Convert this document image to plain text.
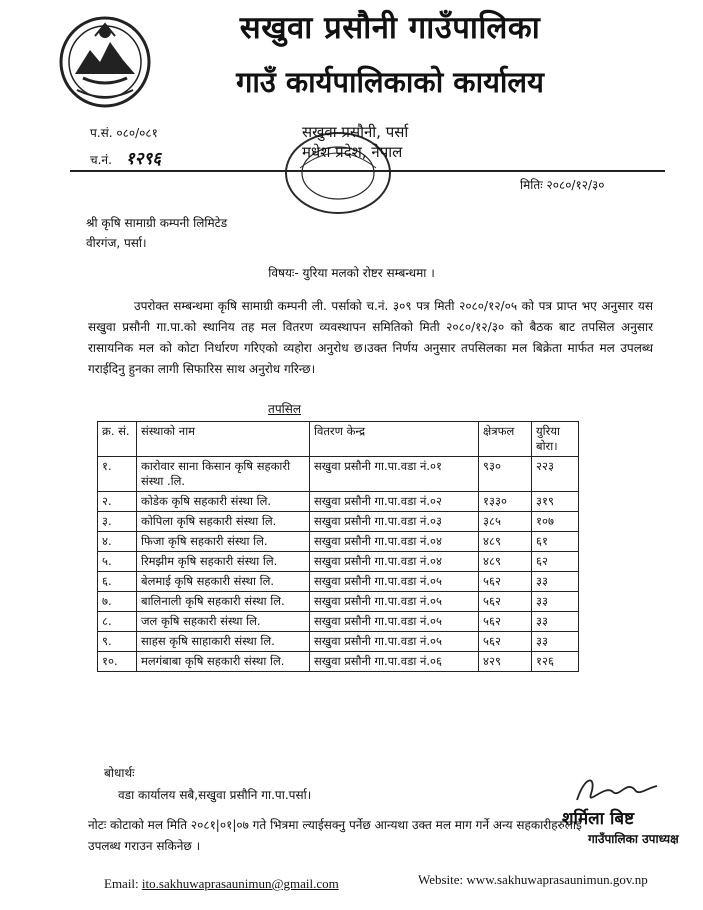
सखुवा प्रसौनी गाउँपालिका
गाउँ कार्यपालिकाको कार्यालय
प.सं. ०८०/०८१
च.नं. १२९६
सखुवा प्रसौनी, पर्सा
मधेश प्रदेश, नेपाल
मितिः २०८०/१२/३०
श्री कृषि सामाग्री कम्पनी लिमिटेड
वीरगंज, पर्सा।
विषयः- युरिया मलको रोष्टर सम्बन्धमा ।
उपरोक्त सम्बन्धमा कृषि सामाग्री कम्पनी ली. पर्साको च.नं. ३०९ पत्र मिती २०८०/१२/०५ को पत्र प्राप्त भए अनुसार यस सखुवा प्रसौनी गा.पा.को स्थानिय तह मल वितरण व्यवस्थापन समितिको मिती २०८०/१२/३० को बैठक बाट तपसिल अनुसार रासायनिक मल को कोटा निर्धारण गरिएको व्यहोरा अनुरोध छ।उक्त निर्णय अनुसार तपसिलका मल बिक्रेता मार्फत मल उपलब्ध गराईदिनु हुनका लागी सिफारिस साथ अनुरोध गरिन्छ।
तपसिल
क्र. सं.	संस्थाको नाम	वितरण केन्द्र	क्षेत्रफल	युरिया बोरा।
१.	कारोवार साना किसान कृषि सहकारी संस्था .लि.	सखुवा प्रसौनी गा.पा.वडा नं.०१	९३०	२२३
२.	कोडेक कृषि सहकारी संस्था लि.	सखुवा प्रसौनी गा.पा.वडा नं.०२	१३३०	३१९
३.	कोपिला कृषि सहकारी संस्था लि.	सखुवा प्रसौनी गा.पा.वडा नं.०३	३८५	१०७
४.	फिजा कृषि सहकारी संस्था लि.	सखुवा प्रसौनी गा.पा.वडा नं.०४	४८९	६१
५.	रिमझीम कृषि सहकारी संस्था लि.	सखुवा प्रसौनी गा.पा.वडा नं.०४	४८९	६२
६.	बेलमाई कृषि सहकारी संस्था लि.	सखुवा प्रसौनी गा.पा.वडा नं.०५	५६२	३३
७.	बालिनाली कृषि सहकारी संस्था लि.	सखुवा प्रसौनी गा.पा.वडा नं.०५	५६२	३३
८.	जल कृषि सहकारी संस्था लि.	सखुवा प्रसौनी गा.पा.वडा नं.०५	५६२	३३
९.	साहस कृषि साहाकारी संस्था लि.	सखुवा प्रसौनी गा.पा.वडा नं.०५	५६२	३३
१०.	मलगंबाबा कृषि सहकारी संस्था लि.	सखुवा प्रसौनी गा.पा.वडा नं.०६	४२९	१२६
बोधार्थः
वडा कार्यालय सबै,सखुवा प्रसौनि गा.पा.पर्सा।
नोटः कोटाको मल मिति २०८१|०१|०७ गते भित्रमा ल्याईसक्नु पर्नेछ आन्यथा उक्त मल माग गर्ने अन्य सहकारीहरुलाई उपलब्ध गराउन सकिनेछ ।
शर्मिला बिष्ट
गाउँपालिका उपाध्यक्ष
Email: ito.sakhuwaprasaunimun@gmail.com	Website: www.sakhuwaprasaunimun.gov.np
